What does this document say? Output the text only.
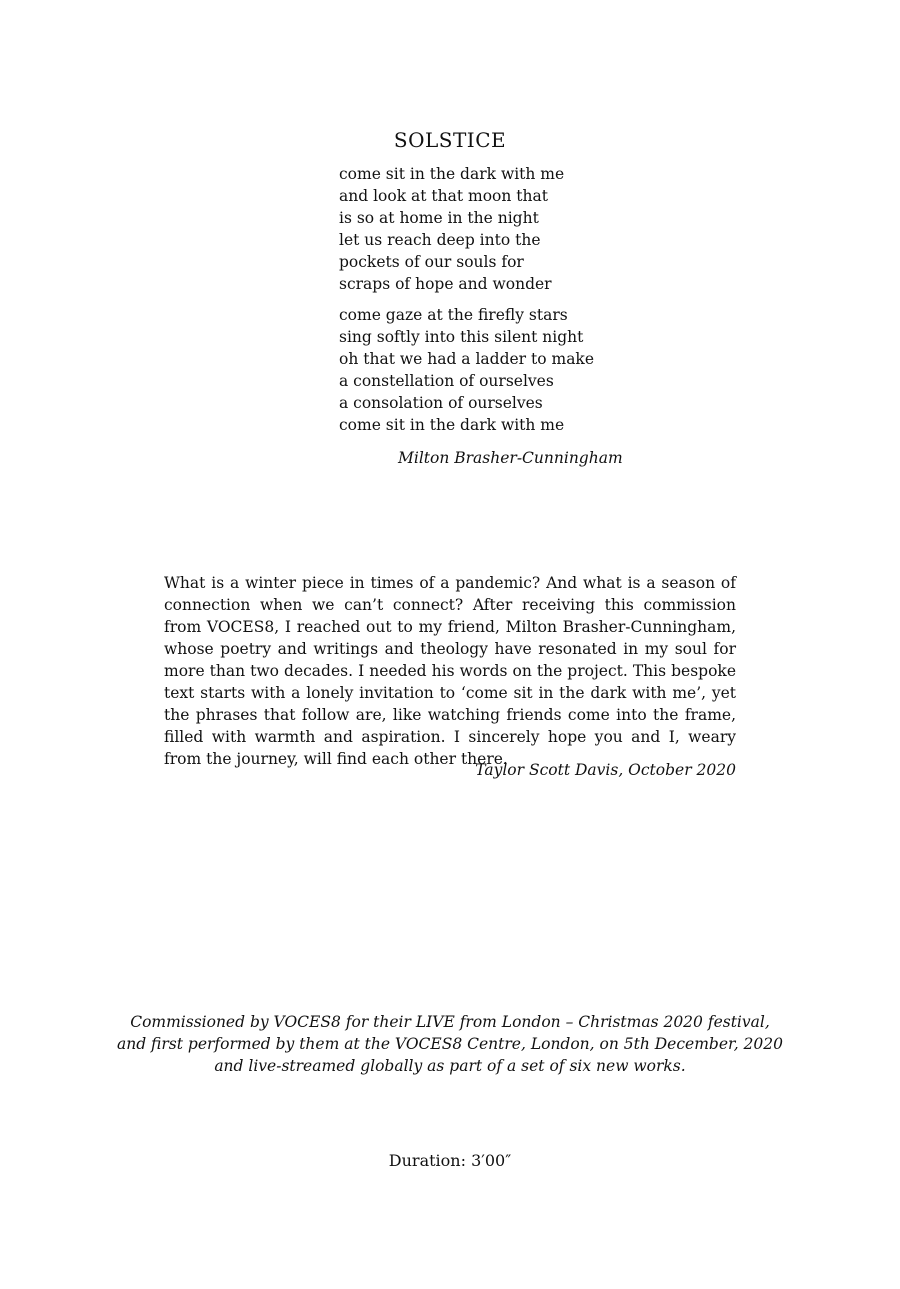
SOLSTICE
come sit in the dark with me
and look at that moon that
is so at home in the night
let us reach deep into the
pockets of our souls for
scraps of hope and wonder
come gaze at the firefly stars
sing softly into this silent night
oh that we had a ladder to make
a constellation of ourselves
a consolation of ourselves
come sit in the dark with me
Milton Brasher-Cunningham

What is a winter piece in times of a pandemic? And what is a season of connection when we can’t connect? After receiving this commission from VOCES8, I reached out to my friend, Milton Brasher-Cunningham, whose poetry and writings and theology have resonated in my soul for more than two decades. I needed his words on the project. This bespoke text starts with a lonely invitation to ‘come sit in the dark with me’, yet the phrases that follow are, like watching friends come into the frame, filled with warmth and aspiration. I sincerely hope you and I, weary from the journey, will find each other there.

Taylor Scott Davis, October 2020
Commissioned by VOCES8 for their LIVE from London – Christmas 2020 festival,
and first performed by them at the VOCES8 Centre, London, on 5th December, 2020
and live-streamed globally as part of a set of six new works.
Duration: 3′00″
